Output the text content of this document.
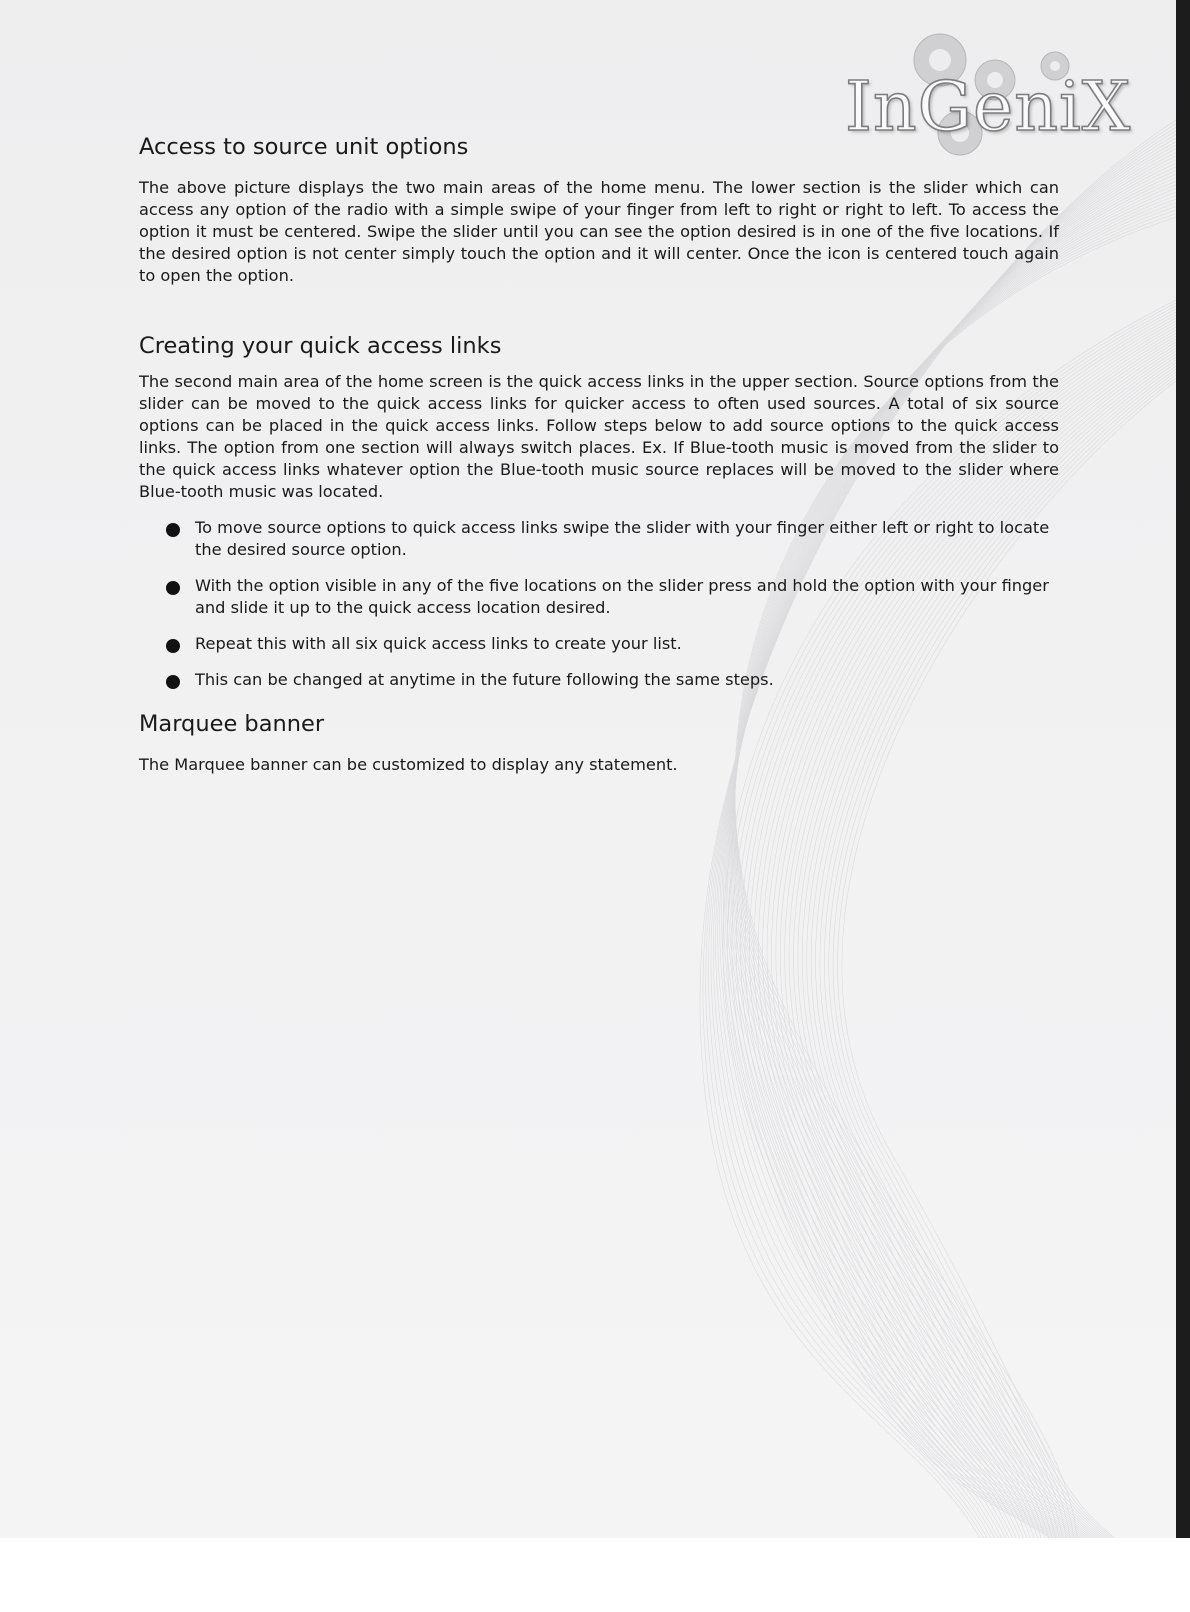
InGeniX
Access to source unit options

The above picture displays the two main areas of the home menu. The lower section is the slider which can access any option of the radio with a simple swipe of your finger from left to right or right to left. To access the option it must be centered. Swipe the slider until you can see the option desired is in one of the five locations. If the desired option is not center simply touch the option and it will center. Once the icon is centered touch again to open the option.

Creating your quick access links

The second main area of the home screen is the quick access links in the upper section. Source options from the slider can be moved to the quick access links for quicker access to often used sources. A total of six source options can be placed in the quick access links. Follow steps below to add source options to the quick access links. The option from one section will always switch places. Ex. If Blue-tooth music is moved from the slider to the quick access links whatever option the Blue-tooth music source replaces will be moved to the slider where Blue-tooth music was located.

To move source options to quick access links swipe the slider with your finger either left or right to locate the desired source option.
With the option visible in any of the five locations on the slider press and hold the option with your finger and slide it up to the quick access location desired.
Repeat this with all six quick access links to create your list.
This can be changed at anytime in the future following the same steps.
Marquee banner

The Marquee banner can be customized to display any statement.
